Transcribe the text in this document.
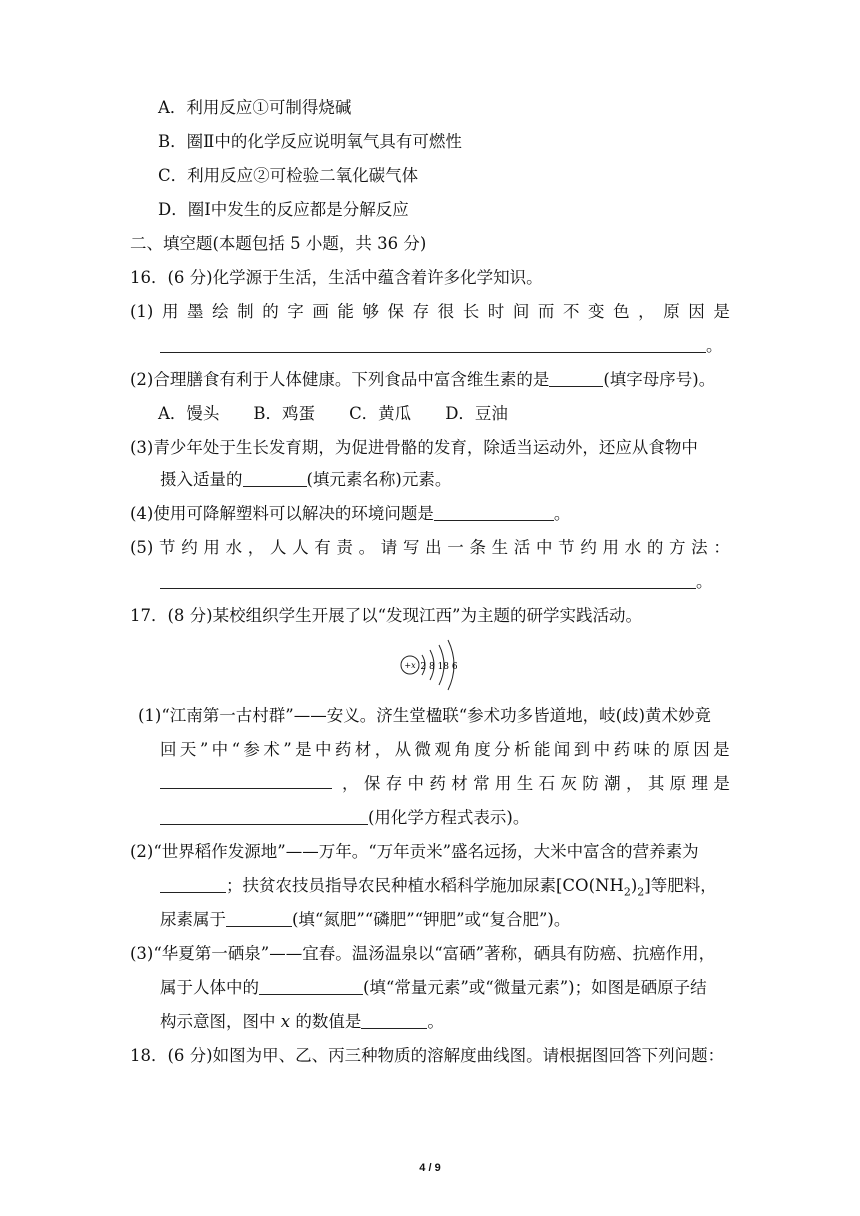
A．利用反应①可制得烧碱
B．圈Ⅱ中的化学反应说明氧气具有可燃性
C．利用反应②可检验二氧化碳气体
D．圈Ⅰ中发生的反应都是分解反应
二、填空题(本题包括 5 小题，共 36 分)
16．(6 分)化学源于生活，生活中蕴含着许多化学知识。
(1) 用 墨 绘 制 的 字 画 能 够 保 存 很 长 时 间 而 不 变 色 ， 原 因 是
。
(2)合理膳食有利于人体健康。下列食品中富含维生素的是	(填字母序号)。
A．馒头 B．鸡蛋 C．黄瓜 D．豆油
(3)青少年处于生长发育期，为促进骨骼的发育，除适当运动外，还应从食物中
摄入适量的	(填元素名称)元素。
(4)使用可降解塑料可以解决的环境问题是	。
(5) 节 约 用 水 ， 人 人 有 责 。 请 写 出 一 条 生 活 中 节 约 用 水 的 方 法 ：
。
17．(8 分)某校组织学生开展了以“发现江西”为主题的研学实践活动。
+x 2 8 18 6
(1)“江南第一古村群”——安义。济生堂楹联“参术功多皆道地，岐(歧)黄术妙竟
回 天 ” 中 “ 参 术 ” 是 中 药 材 ， 从 微 观 角 度 分 析 能 闻 到 中 药 味 的 原 因 是
， 保 存 中 药 材 常 用 生 石 灰 防 潮 ， 其 原 理 是
(用化学方程式表示)。
(2)“世界稻作发源地”——万年。“万年贡米”盛名远扬，大米中富含的营养素为
；扶贫农技员指导农民种植水稻科学施加尿素$[CO(NH_2)_2]$等肥料，
尿素属于	(填“氮肥”“磷肥”“钾肥”或“复合肥”)。
(3)“华夏第一硒泉”——宜春。温汤温泉以“富硒”著称，硒具有防癌、抗癌作用，
属于人体中的	(填“常量元素”或“微量元素”)；如图是硒原子结
构示意图，图中 x 的数值是	。
18．(6 分)如图为甲、乙、丙三种物质的溶解度曲线图。请根据图回答下列问题：
4 / 9
